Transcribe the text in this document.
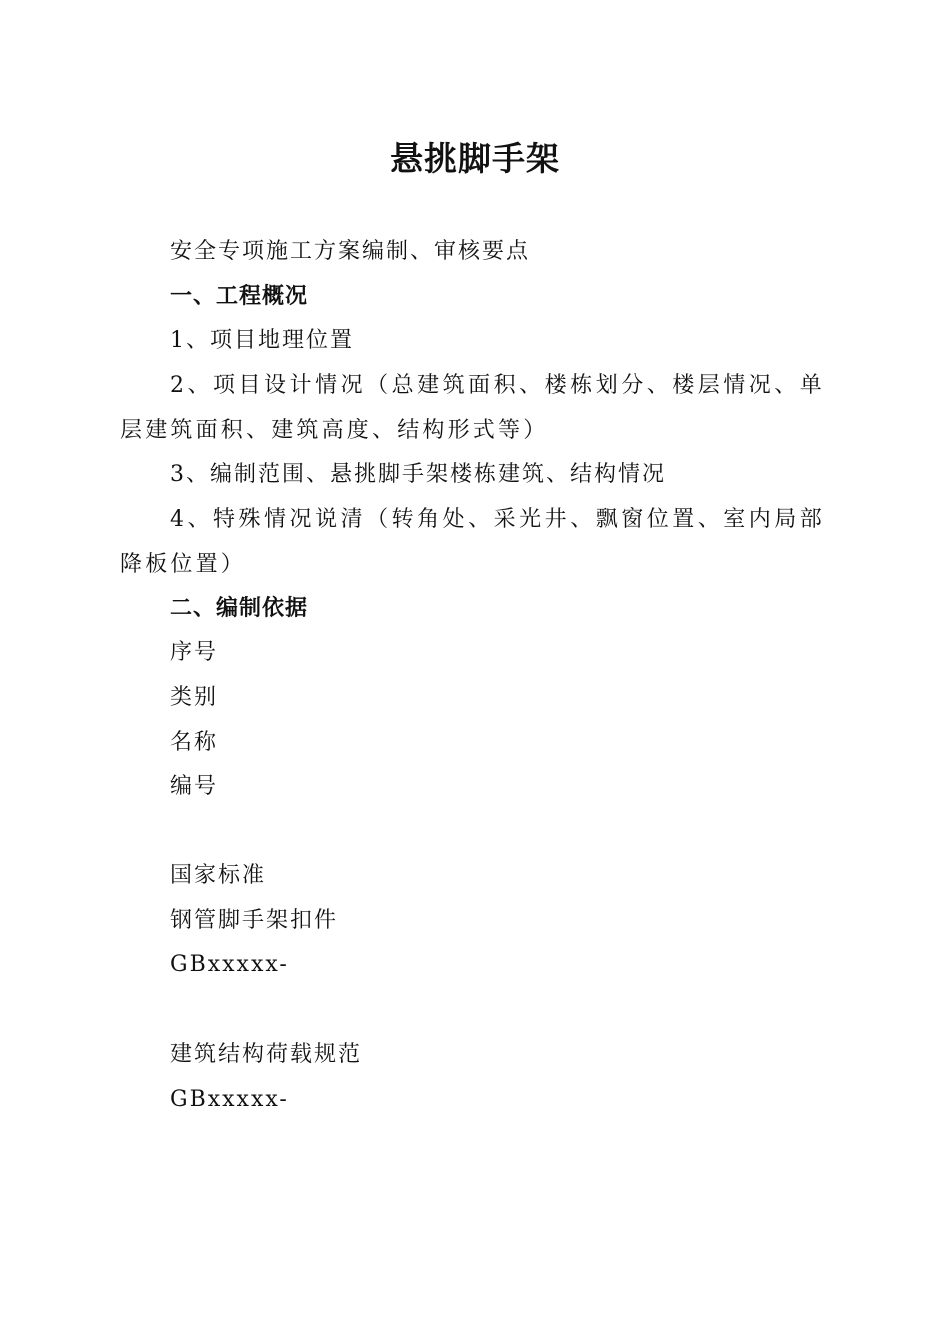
悬挑脚手架
安全专项施工方案编制、审核要点
一、工程概况
1、项目地理位置
2、项目设计情况（总建筑面积、楼栋划分、楼层情况、单层建筑面积、建筑高度、结构形式等）
3、编制范围、悬挑脚手架楼栋建筑、结构情况
4、特殊情况说清（转角处、采光井、飘窗位置、室内局部降板位置）
二、编制依据
序号
类别
名称
编号
国家标准
钢管脚手架扣件
GBxxxxx-
建筑结构荷载规范
GBxxxxx-
